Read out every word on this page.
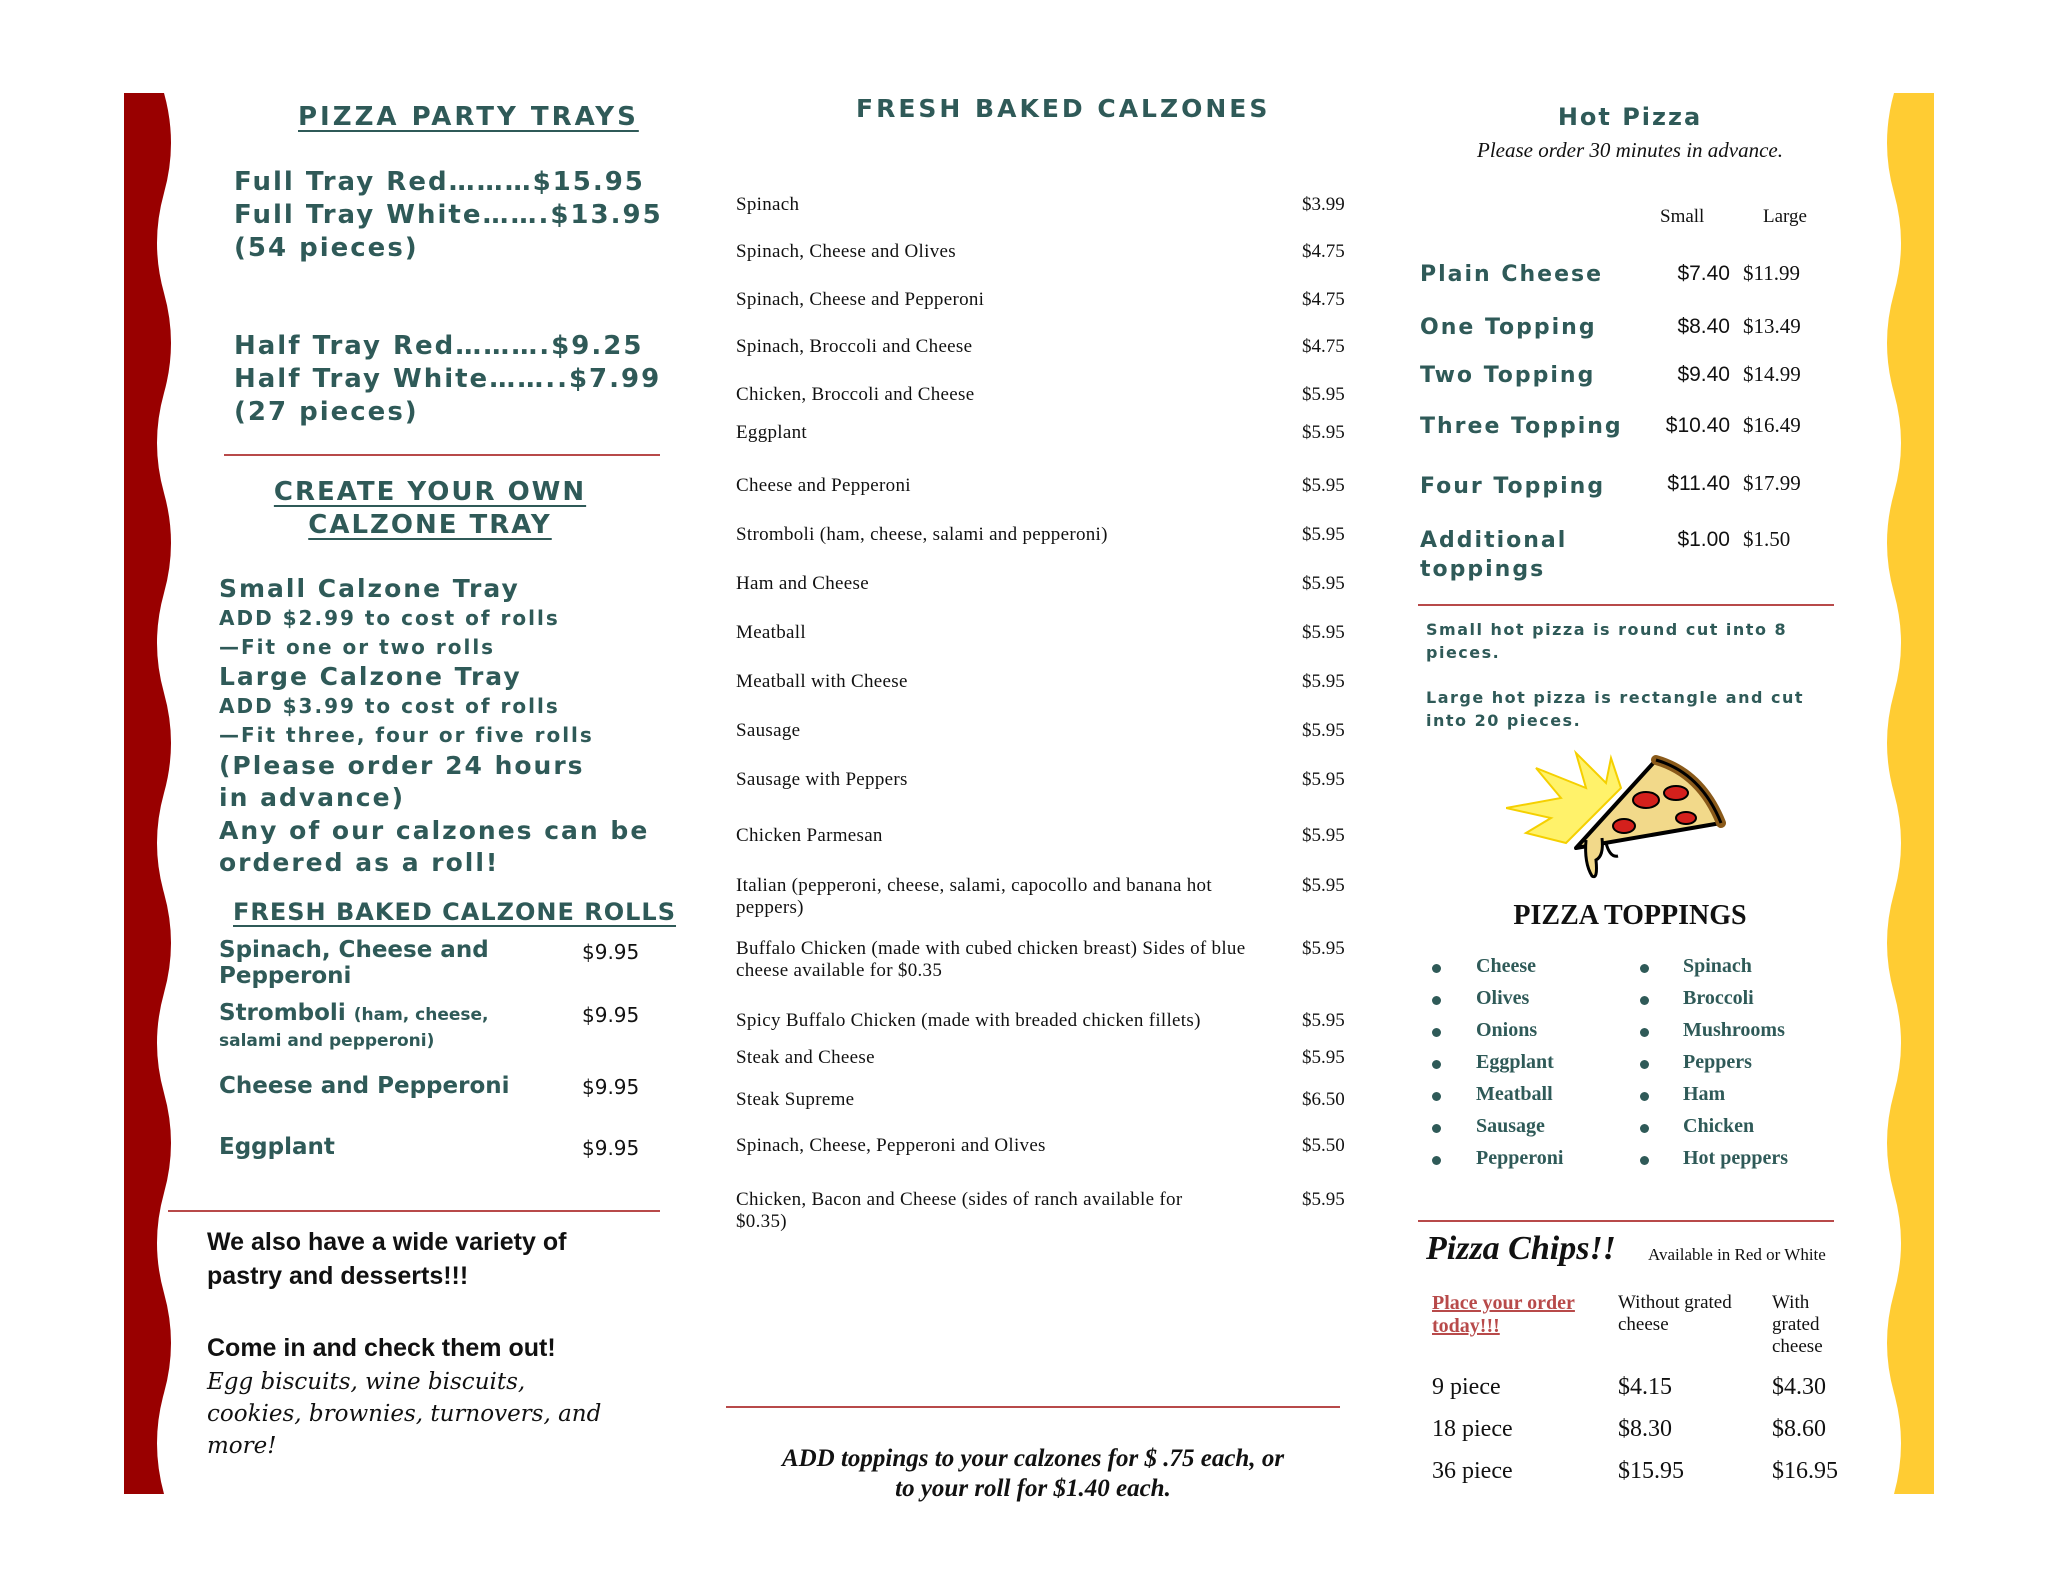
PIZZA PARTY TRAYS
Full Tray Red………$15.95
Full Tray White…….$13.95
(54 pieces)
Half Tray Red……….$9.25
Half Tray White……..$7.99
(27 pieces)
CREATE YOUR OWN
CALZONE TRAY
Small Calzone Tray
ADD $2.99 to cost of rolls
—Fit one or two rolls
Large Calzone Tray
ADD $3.99 to cost of rolls
—Fit three, four or five rolls
(Please order 24 hours
in advance)
Any of our calzones can be
ordered as a roll!
FRESH BAKED CALZONE ROLLS
Spinach, Cheese and Pepperoni
$9.95
Stromboli (ham, cheese, salami and pepperoni)
$9.95
Cheese and Pepperoni	$9.95
Eggplant	$9.95
We also have a wide variety of pastry and desserts!!!
Come in and check them out!
Egg biscuits, wine biscuits, cookies, brownies, turnovers, and more!
FRESH BAKED CALZONES
Spinach	$3.99
Spinach, Cheese and Olives	$4.75
Spinach, Cheese and Pepperoni	$4.75
Spinach, Broccoli and Cheese	$4.75
Chicken, Broccoli and Cheese	$5.95
Eggplant	$5.95
Cheese and Pepperoni	$5.95
Stromboli (ham, cheese, salami and pepperoni)	$5.95
Ham and Cheese	$5.95
Meatball	$5.95
Meatball with Cheese	$5.95
Sausage	$5.95
Sausage with Peppers	$5.95
Chicken Parmesan	$5.95
Italian (pepperoni, cheese, salami, capocollo and banana hot peppers)
$5.95
Buffalo Chicken (made with cubed chicken breast) Sides of blue cheese available for $0.35
$5.95
Spicy Buffalo Chicken (made with breaded chicken fillets)	$5.95
Steak and Cheese	$5.95
Steak Supreme	$6.50
Spinach, Cheese, Pepperoni and Olives	$5.50
Chicken, Bacon and Cheese (sides of ranch available for $0.35)
$5.95
ADD toppings to your calzones for $ .75 each, or
to your roll for $1.40 each.
Hot Pizza
Please order 30 minutes in advance.
Small	Large
Plain Cheese	$7.40 $11.99
One Topping	$8.40 $13.49
Two Topping	$9.40 $14.99
Three Topping $10.40 $16.49
Four Topping	$11.40 $17.99
Additional toppings
$1.00 $1.50
Small hot pizza is round cut into 8 pieces.
Large hot pizza is rectangle and cut into 20 pieces.
PIZZA TOPPINGS
Cheese
Olives
Onions
Eggplant
Meatball
Sausage
Pepperoni
Spinach
Broccoli
Mushrooms
Peppers
Ham
Chicken
Hot peppers
Pizza Chips!! Available in Red or White
Place your order today!!!
Without grated cheese
With grated cheese
9 piece	$4.15	$4.30
18 piece	$8.30	$8.60
36 piece	$15.95	$16.95
